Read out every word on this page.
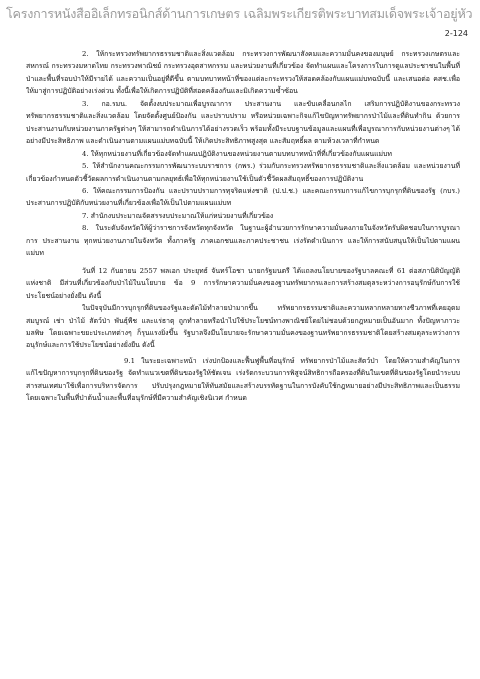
โครงการหนังสืออิเล็กทรอนิกส์ด้านการเกษตร เฉลิมพระเกียรติพระบาทสมเด็จพระเจ้าอยู่หัว
2-124

2. ให้กระทรวงทรัพยากรธรรมชาติและสิ่งแวดล้อม กระทรวงการพัฒนาสังคมและความมั่นคงของมนุษย์ กระทรวงเกษตรและสหกรณ์ กระทรวงมหาดไทย กระทรวงพาณิชย์ กระทรวงอุตสาหกรรม และหน่วยงานที่เกี่ยวข้อง จัดทำแผนและโครงการในการดูแลประชาชนในพื้นที่ป่าและพื้นที่รอบป่าให้มีรายได้ และความเป็นอยู่ที่ดีขึ้น ตามบทบาทหน้าที่ของแต่ละกระทรวงให้สอดคล้องกับแผนแม่บทฉบับนี้ และเสนอต่อ คสช.เพื่อให้มาสู่การปฏิบัติอย่างเร่งด่วน ทั้งนี้เพื่อให้เกิดการปฏิบัติที่สอดคล้องกันและมิเกิดความซ้ำซ้อน

3. กอ.รมน. จัดตั้งงบประมาณเพื่อบูรณาการ ประสานงาน และขับเคลื่อนกลไก เสริมการปฏิบัติงานของกระทรวงทรัพยากรธรรมชาติและสิ่งแวดล้อม โดยจัดตั้งศูนย์ป้องกัน และปราบปราม หรือหน่วยเฉพาะกิจแก้ไขปัญหาทรัพยากรป่าไม้และที่ดินทำกิน ด้วยการประสานงานกับหน่วยงานภาครัฐต่างๆ ให้สามารถดำเนินการได้อย่างรวดเร็ว พร้อมทั้งมีระบบฐานข้อมูลและแผนที่เพื่อบูรณาการกับหน่วยงานต่างๆ ได้อย่างมีประสิทธิภาพ และดำเนินงานตามแผนแม่บทฉบับนี้ ให้เกิดประสิทธิภาพสูงสุด และสัมฤทธิ์ผล ตามห้วงเวลาที่กำหนด

4. ให้ทุกหน่วยงานที่เกี่ยวข้องจัดทำแผนปฏิบัติงานของหน่วยงานตามบทบาทหน้าที่ที่เกี่ยวข้องกับแผนแม่บท

5. ให้สำนักงานคณะกรรมการพัฒนาระบบราชการ (กพร.) ร่วมกับกระทรวงทรัพยากรธรรมชาติและสิ่งแวดล้อม และหน่วยงานที่เกี่ยวข้องกำหนดตัวชี้วัดผลการดำเนินงานตามกลยุทธ์เพื่อให้ทุกหน่วยงานใช้เป็นตัวชี้วัดผลสัมฤทธิ์ของการปฏิบัติงาน

6. ให้คณะกรรมการป้องกัน และปราบปรามการทุจริตแห่งชาติ (ป.ป.ช.) และคณะกรรมการแก้ไขการบุกรุกที่ดินของรัฐ (กบร.) ประสานการปฏิบัติกับหน่วยงานที่เกี่ยวข้องเพื่อให้เป็นไปตามแผนแม่บท

7. สำนักงบประมาณจัดสรรงบประมาณให้แก่หน่วยงานที่เกี่ยวข้อง

8. ในระดับจังหวัดให้ผู้ว่าราชการจังหวัดทุกจังหวัด ในฐานะผู้อำนวยการรักษาความมั่นคงภายในจังหวัดรับผิดชอบในการบูรณาการ ประสานงาน ทุกหน่วยงานภายในจังหวัด ทั้งภาครัฐ ภาคเอกชนและภาคประชาชน เร่งรัดดำเนินการ และให้การสนับสนุนให้เป็นไปตามแผนแม่บท

วันที่ 12 กันยายน 2557 พลเอก ประยุทธ์ จันทร์โอชา นายกรัฐมนตรี ได้แถลงนโยบายของรัฐบาลคณะที่ 61 ต่อสภานิติบัญญัติแห่งชาติ มีส่วนที่เกี่ยวข้องกับป่าไม้ในนโยบาย ข้อ 9 การรักษาความมั่นคงของฐานทรัพยากรและการสร้างสมดุลระหว่างการอนุรักษ์กับการใช้ประโยชน์อย่างยั่งยืน ดังนี้

ในปัจจุบันมีการบุกรุกที่ดินของรัฐและตัดไม้ทำลายป่ามากขึ้น ทรัพยากรธรรมชาติและความหลากหลายทางชีวภาพที่เคยอุดมสมบูรณ์ เช่า ป่าไม้ สัตว์ป่า พันธุ์พืช และแร่ธาตุ ถูกทำลายหรือนำไปใช้ประโยชน์ทางพาณิชย์โดยไม่ชอบด้วยกฎหมายเป็นอันมาก ทั้งปัญหาภาวะมลพิษ โดยเฉพาะขยะประเภทต่างๆ ก็รุนแรงยิ่งขึ้น รัฐบาลจึงมีนโยบายจะรักษาความมั่นคงของฐานทรัพยากรธรรมชาติโดยสร้างสมดุลระหว่างการอนุรักษ์และการใช้ประโยชน์อย่างยั่งยืน ดังนี้

9.1 ในระยะเฉพาะหน้า เร่งปกป้องและฟื้นฟูพื้นที่อนุรักษ์ ทรัพยากรป่าไม้และสัตว์ป่า โดยให้ความสำคัญในการแก้ไขปัญหาการบุกรุกที่ดินของรัฐ จัดทำแนวเขตที่ดินของรัฐให้ชัดเจน เร่งรัดกระบวนการพิสูจน์สิทธิการถือครองที่ดินในเขตที่ดินของรัฐโดยนำระบบสารสนเทศมาใช้เพื่อการบริหารจัดการ ปรับปรุงกฎหมายให้ทันสมัยและสร้างบรรทัดฐานในการบังคับใช้กฎหมายอย่างมีประสิทธิภาพและเป็นธรรม โดยเฉพาะในพื้นที่ป่าต้นน้ำและพื้นที่อนุรักษ์ที่มีความสำคัญเชิงนิเวศ กำหนด
